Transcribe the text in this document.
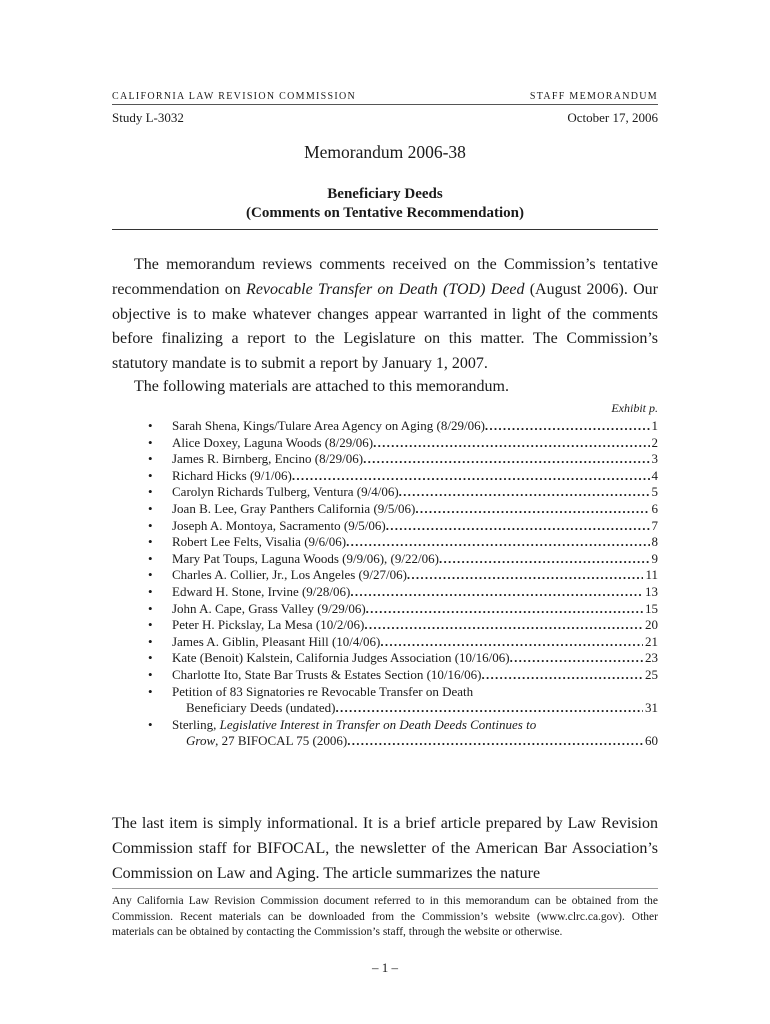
CALIFORNIA LAW REVISION COMMISSION	STAFF MEMORANDUM
Study L-3032	October 17, 2006
Memorandum 2006-38
Beneficiary Deeds
(Comments on Tentative Recommendation)
The memorandum reviews comments received on the Commission’s tentative recommendation on Revocable Transfer on Death (TOD) Deed (August 2006). Our objective is to make whatever changes appear warranted in light of the comments before finalizing a report to the Legislature on this matter. The Commission’s statutory mandate is to submit a report by January 1, 2007.
The following materials are attached to this memorandum.
Exhibit p.
• Sarah Shena, Kings/Tulare Area Agency on Aging (8/29/06) . . .	1
• Alice Doxey, Laguna Woods (8/29/06) . . .	2
• James R. Birnberg, Encino (8/29/06) . . .	3
• Richard Hicks (9/1/06) . . .	4
• Carolyn Richards Tulberg, Ventura (9/4/06) . . .	5
• Joan B. Lee, Gray Panthers California (9/5/06) . . .	6
• Joseph A. Montoya, Sacramento (9/5/06) . . .	7
• Robert Lee Felts, Visalia (9/6/06) . . .	8
• Mary Pat Toups, Laguna Woods (9/9/06), (9/22/06) . . .	9
• Charles A. Collier, Jr., Los Angeles (9/27/06) . . .	11
• Edward H. Stone, Irvine (9/28/06) . . .	13
• John A. Cape, Grass Valley (9/29/06) . . .	15
• Peter H. Pickslay, La Mesa (10/2/06) . . .	20
• James A. Giblin, Pleasant Hill (10/4/06) . . .	21
• Kate (Benoit) Kalstein, California Judges Association (10/16/06) . . .	23
• Charlotte Ito, State Bar Trusts & Estates Section (10/16/06) . . .	25
• Petition of 83 Signatories re Revocable Transfer on Death
Beneficiary Deeds (undated) . . .	31
• Sterling, Legislative Interest in Transfer on Death Deeds Continues to
Grow, 27 BIFOCAL 75 (2006) . . .	60
The last item is simply informational. It is a brief article prepared by Law Revision Commission staff for BIFOCAL, the newsletter of the American Bar Association’s Commission on Law and Aging. The article summarizes the nature
Any California Law Revision Commission document referred to in this memorandum can be obtained from the Commission. Recent materials can be downloaded from the Commission’s website (www.clrc.ca.gov). Other materials can be obtained by contacting the Commission’s staff, through the website or otherwise.
– 1 –
